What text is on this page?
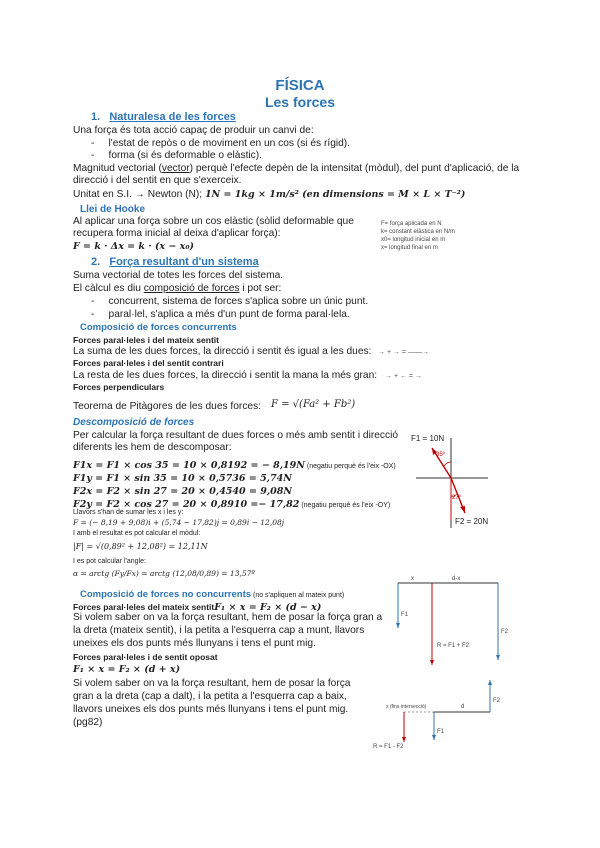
FÍSICA
Les forces
1. Naturalesa de les forces
Una força és tota acció capaç de produir un canvi de:
-     l'estat de repòs o de moviment en un cos (si és rígid).
-     forma (si és deformable o elàstic).
Magnitud vectorial (vector) perquè l'efecte depèn de la intensitat (mòdul), del punt d'aplicació, de la
direcció i del sentit en que s'exerceix.
Unitat en S.I. → Newton (N); 1N = 1kg × 1m/s² (en dimensions = M × L × T⁻²)
Llei de Hooke
Al aplicar una força sobre un cos elàstic (sòlid deformable que
recupera forma inicial al deixa d'aplicar força):
F = k · Δx = k · (x − x₀)
F= força aplicada en N
k= constant elàstica en N/m
x0= longitud inicial en m
x= longitud final en m
2. Força resultant d'un sistema
Suma vectorial de totes les forces del sistema.
El càlcul es diu composició de forces i pot ser:
-     concurrent, sistema de forces s'aplica sobre un únic punt.
-     paral·lel, s'aplica a més d'un punt de forma paral·lela.
Composició de forces concurrents
Forces paral·leles i del mateix sentit
La suma de les dues forces, la direcció i sentit és igual a les dues: → + → = ——→
Forces paral·leles i del sentit contrari
La resta de les dues forces, la direcció i sentit la mana la més gran: → + ← = →
Forces perpendiculars
Teorema de Pitàgores de les dues forces: F = √(Fa² + Fb²)
Descomposició de forces
Per calcular la força resultant de dues forces o més amb sentit i direcció
diferents les hem de descomposar:
F1x = F1 × cos 35 = 10 × 0,8192 = − 8,19N (negatiu perquè és l'eix -OX)
F1y = F1 × sin 35 = 10 × 0,5736 = 5,74N
F2x = F2 × sin 27 = 20 × 0,4540 = 9,08N
F2y = F2 × cos 27 = 20 × 0,8910 =− 17,82 (negatiu perquè és l'eix -OY)
Llavors s'han de sumar les x i les y:
F = (− 8,19 + 9,08)i + (5,74 − 17,82)j = 0,89i − 12,08j
I amb el resultat es pot calcular el mòdul:
|F| = √(0,89² + 12,08²) = 12,11N
I es pot calcular l'angle:
α = arctg (Fy/Fx) = arctg (12,08/0,89) = 13,57º
Composició de forces no concurrents (no s'apliquen al mateix punt)
Forces paral·leles del mateix sentitF₁ × x = F₂ × (d − x)
Si volem saber on va la força resultant, hem de posar la força gran a
la dreta (mateix sentit), i la petita a l'esquerra cap a munt, llavors
uneixes els dos punts més llunyans i tens el punt mig.
Forces paral·leles i de sentit oposat
F₁ × x = F₂ × (d + x)
Si volem saber on va la força resultant, hem de posar la força
gran a la dreta (cap a dalt), i la petita a l'esquerra cap a baix,
llavors uneixes els dos punts més llunyans i tens el punt mig.
(pg82)
F1 = 10N
F2 = 20N
35º
27º
x	d-x
F1
F2
R = F1 + F2
x (fins intersecció)	d
F1
F2
R = F1 - F2
